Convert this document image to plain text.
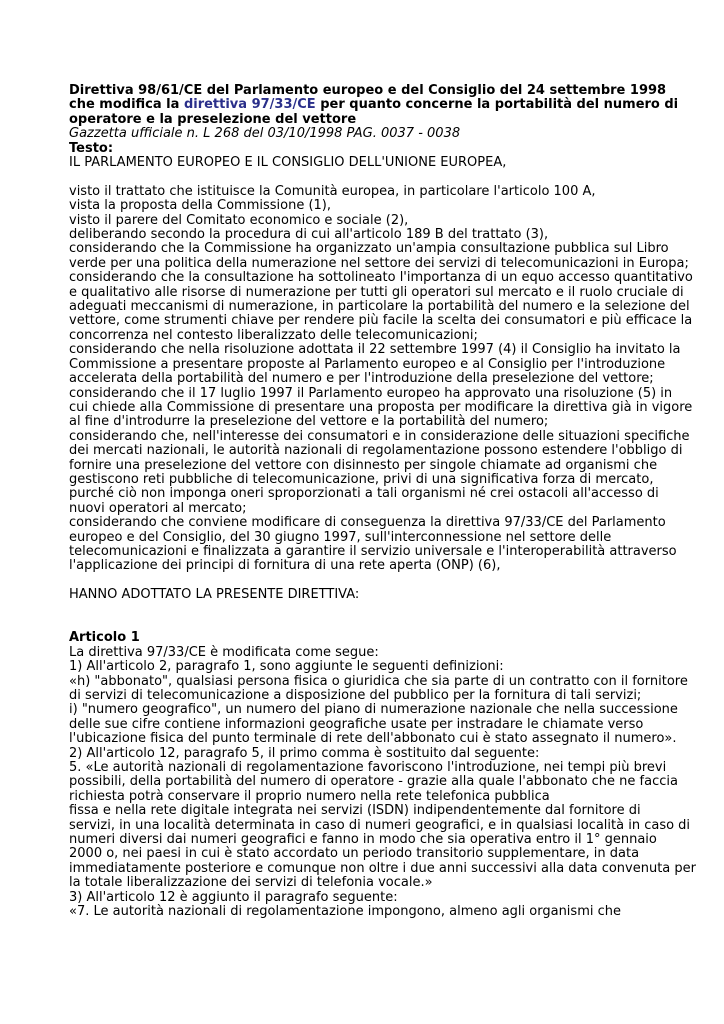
Direttiva 98/61/CE del Parlamento europeo e del Consiglio del 24 settembre 1998
che modifica la direttiva 97/33/CE per quanto concerne la portabilità del numero di
operatore e la preselezione del vettore
Gazzetta ufficiale n. L 268 del 03/10/1998 PAG. 0037 - 0038
Testo:
IL PARLAMENTO EUROPEO E IL CONSIGLIO DELL'UNIONE EUROPEA,
visto il trattato che istituisce la Comunità europea, in particolare l'articolo 100 A,
vista la proposta della Commissione (1),
visto il parere del Comitato economico e sociale (2),
deliberando secondo la procedura di cui all'articolo 189 B del trattato (3),
considerando che la Commissione ha organizzato un'ampia consultazione pubblica sul Libro
verde per una politica della numerazione nel settore dei servizi di telecomunicazioni in Europa;
considerando che la consultazione ha sottolineato l'importanza di un equo accesso quantitativo
e qualitativo alle risorse di numerazione per tutti gli operatori sul mercato e il ruolo cruciale di
adeguati meccanismi di numerazione, in particolare la portabilità del numero e la selezione del
vettore, come strumenti chiave per rendere più facile la scelta dei consumatori e più efficace la
concorrenza nel contesto liberalizzato delle telecomunicazioni;
considerando che nella risoluzione adottata il 22 settembre 1997 (4) il Consiglio ha invitato la
Commissione a presentare proposte al Parlamento europeo e al Consiglio per l'introduzione
accelerata della portabilità del numero e per l'introduzione della preselezione del vettore;
considerando che il 17 luglio 1997 il Parlamento europeo ha approvato una risoluzione (5) in
cui chiede alla Commissione di presentare una proposta per modificare la direttiva già in vigore
al fine d'introdurre la preselezione del vettore e la portabilità del numero;
considerando che, nell'interesse dei consumatori e in considerazione delle situazioni specifiche
dei mercati nazionali, le autorità nazionali di regolamentazione possono estendere l'obbligo di
fornire una preselezione del vettore con disinnesto per singole chiamate ad organismi che
gestiscono reti pubbliche di telecomunicazione, privi di una significativa forza di mercato,
purché ciò non imponga oneri sproporzionati a tali organismi né crei ostacoli all'accesso di
nuovi operatori al mercato;
considerando che conviene modificare di conseguenza la direttiva 97/33/CE del Parlamento
europeo e del Consiglio, del 30 giugno 1997, sull'interconnessione nel settore delle
telecomunicazioni e finalizzata a garantire il servizio universale e l'interoperabilità attraverso
l'applicazione dei principi di fornitura di una rete aperta (ONP) (6),
HANNO ADOTTATO LA PRESENTE DIRETTIVA:
Articolo 1
La direttiva 97/33/CE è modificata come segue:
1) All'articolo 2, paragrafo 1, sono aggiunte le seguenti definizioni:
«h) "abbonato", qualsiasi persona fisica o giuridica che sia parte di un contratto con il fornitore
di servizi di telecomunicazione a disposizione del pubblico per la fornitura di tali servizi;
i) "numero geografico", un numero del piano di numerazione nazionale che nella successione
delle sue cifre contiene informazioni geografiche usate per instradare le chiamate verso
l'ubicazione fisica del punto terminale di rete dell'abbonato cui è stato assegnato il numero».
2) All'articolo 12, paragrafo 5, il primo comma è sostituito dal seguente:
5. «Le autorità nazionali di regolamentazione favoriscono l'introduzione, nei tempi più brevi
possibili, della portabilità del numero di operatore - grazie alla quale l'abbonato che ne faccia
richiesta potrà conservare il proprio numero nella rete telefonica pubblica
fissa e nella rete digitale integrata nei servizi (ISDN) indipendentemente dal fornitore di
servizi, in una località determinata in caso di numeri geografici, e in qualsiasi località in caso di
numeri diversi dai numeri geografici e fanno in modo che sia operativa entro il 1° gennaio
2000 o, nei paesi in cui è stato accordato un periodo transitorio supplementare, in data
immediatamente posteriore e comunque non oltre i due anni successivi alla data convenuta per
la totale liberalizzazione dei servizi di telefonia vocale.»
3) All'articolo 12 è aggiunto il paragrafo seguente:
«7. Le autorità nazionali di regolamentazione impongono, almeno agli organismi che
